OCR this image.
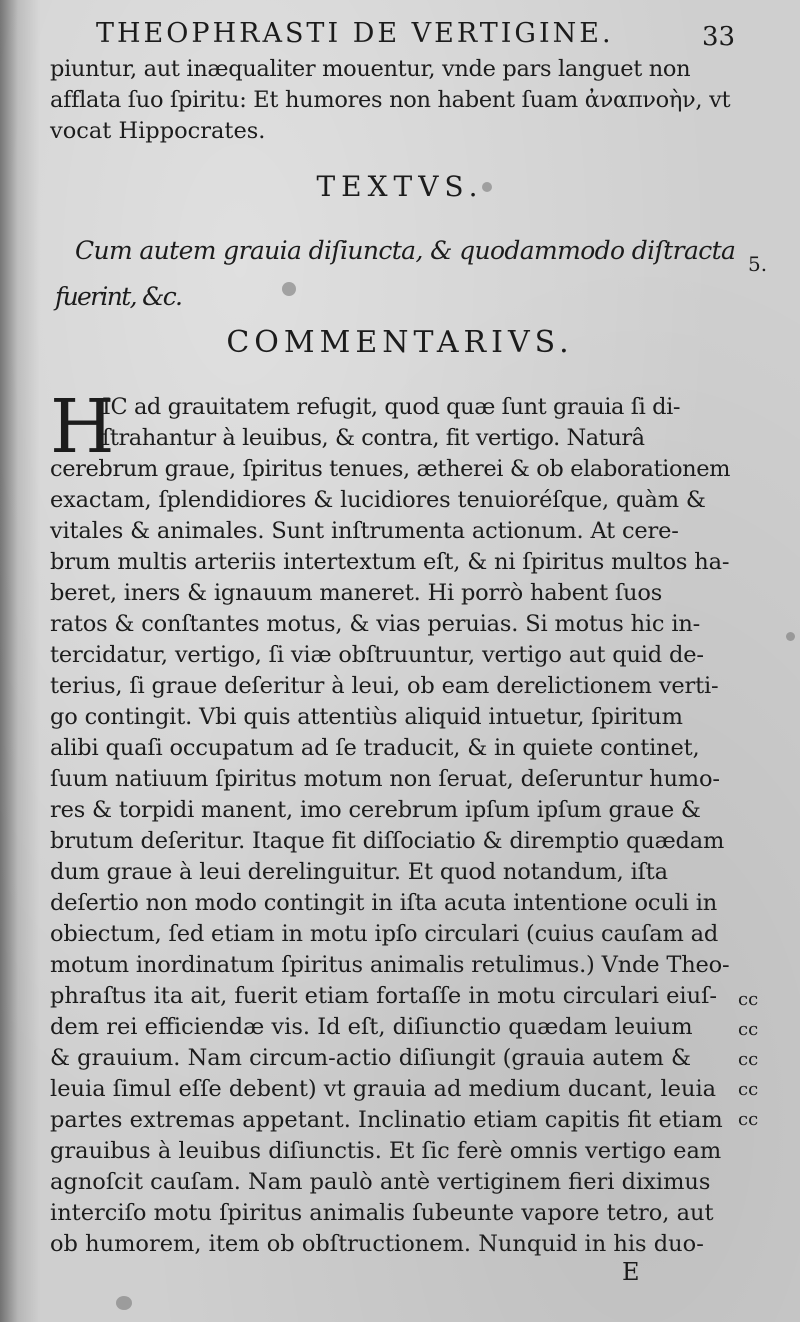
THEOPHRASTI DE VERTIGINE.	33
piuntur, aut inæqualiter mouentur, vnde pars languet non
afflata ſuo ſpiritu: Et humores non habent ſuam ἀναπνοὴν, vt
vocat Hippocrates.
TEXTVS.
Cum autem grauia diſiuncta, & quodammodo diſtracta
fuerint, &c.
5.
COMMENTARIVS.
H
IC ad grauitatem refugit, quod quæ ſunt grauia ſi di-
ſtrahantur à leuibus, & contra, fit vertigo. Naturâ
cerebrum graue, ſpiritus tenues, ætherei & ob elaborationem
exactam, ſplendidiores & lucidiores tenuioréſque, quàm &
vitales & animales. Sunt inſtrumenta actionum. At cere-
brum multis arteriis intertextum eſt, & ni ſpiritus multos ha-
beret, iners & ignauum maneret. Hi porrò habent ſuos
ratos & conſtantes motus, & vias peruias. Si motus hic in-
tercidatur, vertigo, ſi viæ obſtruuntur, vertigo aut quid de-
terius, ſi graue deſeritur à leui, ob eam derelictionem verti-
go contingit. Vbi quis attentiùs aliquid intuetur, ſpiritum
alibi quaſi occupatum ad ſe traducit, & in quiete continet,
ſuum natiuum ſpiritus motum non ſeruat, deſeruntur humo-
res & torpidi manent, imo cerebrum ipſum ipſum graue &
brutum deſeritur. Itaque fit diſſociatio & diremptio quædam
dum graue à leui derelinguitur. Et quod notandum, iſta
deſertio non modo contingit in iſta acuta intentione oculi in
obiectum, ſed etiam in motu ipſo circulari (cuius cauſam ad
motum inordinatum ſpiritus animalis retulimus.) Vnde Theo-
phraſtus ita ait, fuerit etiam fortaſſe in motu circulari eiuſ-
dem rei efficiendæ vis. Id eſt, diſiunctio quædam leuium
& grauium. Nam circum-actio diſiungit (grauia autem &
leuia ſimul eſſe debent) vt grauia ad medium ducant, leuia
partes extremas appetant. Inclinatio etiam capitis fit etiam
grauibus à leuibus diſiunctis. Et ſic ferè omnis vertigo eam
agnoſcit cauſam. Nam paulò antè vertiginem fieri diximus
interciſo motu ſpiritus animalis ſubeunte vapore tetro, aut
ob humorem, item ob obſtructionem. Nunquid in his duo-
cc
cc
cc
cc
cc
E
